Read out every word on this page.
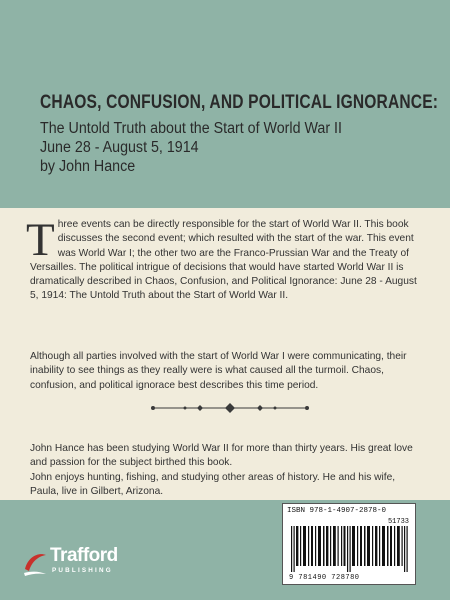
CHAOS, CONFUSION, AND POLITICAL IGNORANCE:
The Untold Truth about the Start of World War II
June 28 - August 5, 1914
by John Hance
T hree events can be directly responsible for the start of World War II. This book discusses the second event; which resulted with the start of the war. This event was World War I; the other two are the Franco-Prussian War and the Treaty of Versailles. The political intrigue of decisions that would have started World War II is dramatically described in Chaos, Confusion, and Political Ignorance: June 28 - August 5, 1914: The Untold Truth about the Start of World War II.
Although all parties involved with the start of World War I were communicating, their inability to see things as they really were is what caused all the turmoil. Chaos, confusion, and political ignorace best describes this time period.
John Hance has been studying World War II for more than thirty years. His great love and passion for the subject birthed this book.
John enjoys hunting, fishing, and studying other areas of history. He and his wife, Paula, live in Gilbert, Arizona.
ISBN 978-1-4907-2878-0
51733
9 781490 728780
Trafford
PUBLISHING
